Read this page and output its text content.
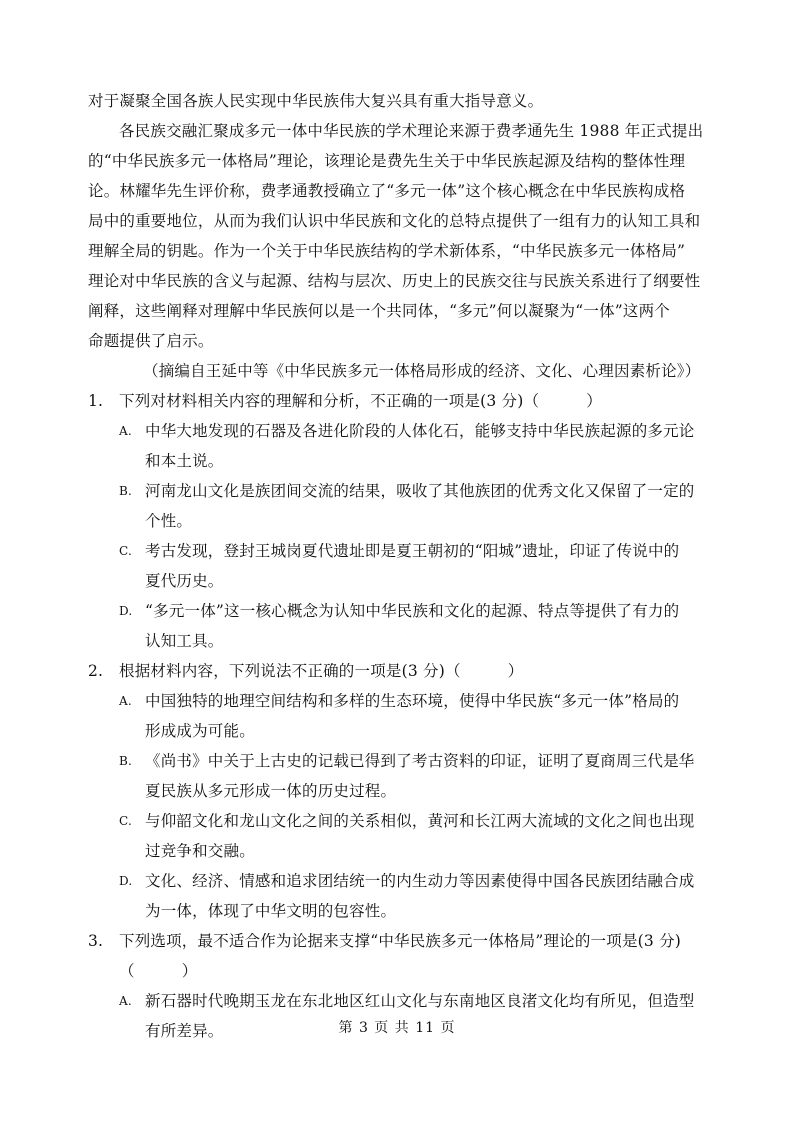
对于凝聚全国各族人民实现中华民族伟大复兴具有重大指导意义。
各民族交融汇聚成多元一体中华民族的学术理论来源于费孝通先生 1988 年正式提出
的“中华民族多元一体格局”理论，该理论是费先生关于中华民族起源及结构的整体性理
论。林耀华先生评价称，费孝通教授确立了“多元一体”这个核心概念在中华民族构成格
局中的重要地位，从而为我们认识中华民族和文化的总特点提供了一组有力的认知工具和
理解全局的钥匙。作为一个关于中华民族结构的学术新体系，“中华民族多元一体格局”
理论对中华民族的含义与起源、结构与层次、历史上的民族交往与民族关系进行了纲要性
阐释，这些阐释对理解中华民族何以是一个共同体，“多元”何以凝聚为“一体”这两个
命题提供了启示。
（摘编自王延中等《中华民族多元一体格局形成的经济、文化、心理因素析论》）
1.	下列对材料相关内容的理解和分析，不正确的一项是(3 分)（　　　）
A. 中华大地发现的石器及各进化阶段的人体化石，能够支持中华民族起源的多元论
和本土说。
B. 河南龙山文化是族团间交流的结果，吸收了其他族团的优秀文化又保留了一定的
个性。
C. 考古发现，登封王城岗夏代遗址即是夏王朝初的“阳城”遗址，印证了传说中的
夏代历史。
D. “多元一体”这一核心概念为认知中华民族和文化的起源、特点等提供了有力的
认知工具。
2.	根据材料内容，下列说法不正确的一项是(3 分)（　　　）
A. 中国独特的地理空间结构和多样的生态环境，使得中华民族“多元一体”格局的
形成成为可能。
B. 《尚书》中关于上古史的记载已得到了考古资料的印证，证明了夏商周三代是华
夏民族从多元形成一体的历史过程。
C. 与仰韶文化和龙山文化之间的关系相似，黄河和长江两大流域的文化之间也出现
过竞争和交融。
D. 文化、经济、情感和追求团结统一的内生动力等因素使得中国各民族团结融合成
为一体，体现了中华文明的包容性。
3.	下列选项，最不适合作为论据来支撑“中华民族多元一体格局”理论的一项是(3 分)
（　　　）
A. 新石器时代晚期玉龙在东北地区红山文化与东南地区良渚文化均有所见，但造型
有所差异。	第 3 页 共 11 页
